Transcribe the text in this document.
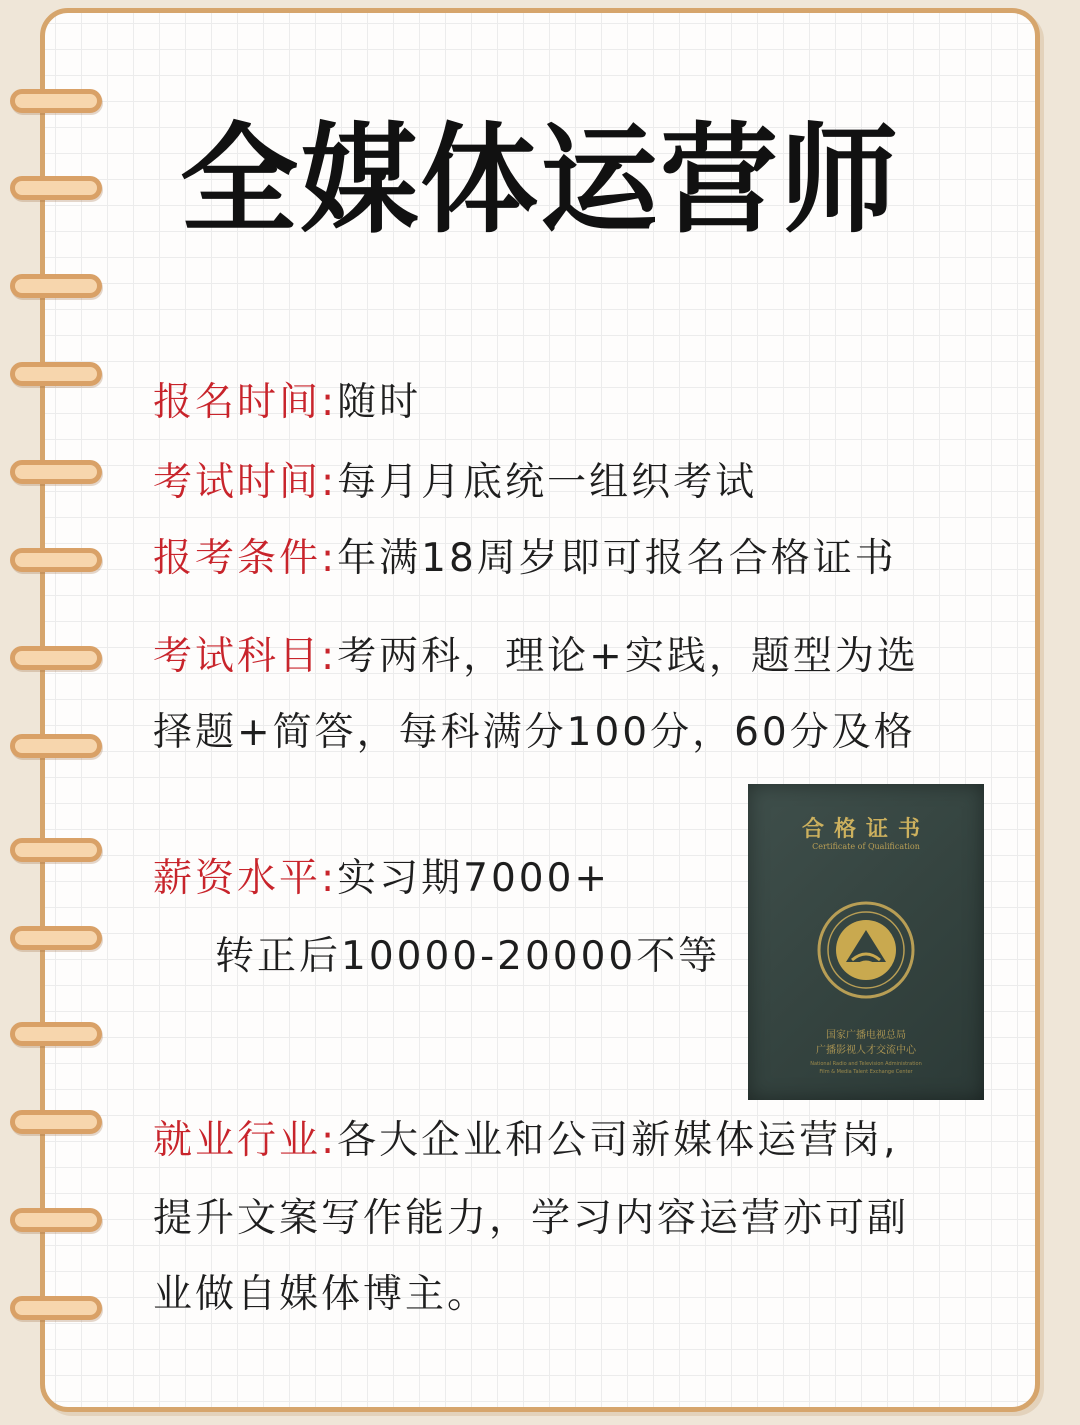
全媒体运营师
报名时间:随时
考试时间:每月月底统一组织考试
报考条件:年满18周岁即可报名合格证书
考试科目:考两科，理论+实践，题型为选
择题+简答，每科满分100分，60分及格
薪资水平:实习期7000+
转正后10000-20000不等
合格证书
Certificate of Qualification
国家广播电视总局
广播影视人才交流中心
National Radio and Television Administration
Film & Media Talent Exchange Center
就业行业:各大企业和公司新媒体运营岗,
提升文案写作能力，学习内容运营亦可副
业做自媒体博主。
